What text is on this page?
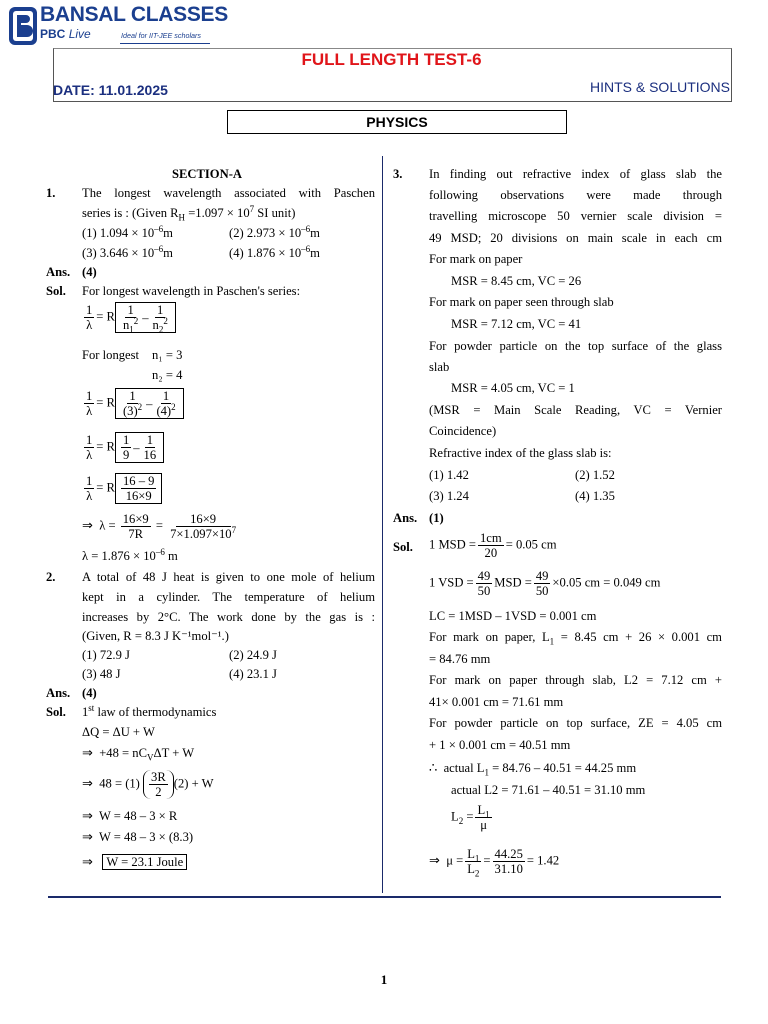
BANSAL CLASSES
PBC Live	Ideal for IIT-JEE scholars
FULL LENGTH TEST-6
DATE: 11.01.2025	HINTS & SOLUTIONS
PHYSICS
SECTION-A
1. The longest wavelength associated with Paschen
series is : (Given $R_H =1.097 \times 10^7$ SI unit)
(1) $1.094 \times 10^{-6}m$	(2) $2.973 \times 10^{-6}m$
(3) $3.646 \times 10^{-6}m$	(4) $1.876 \times 10^{-6}m$
Ans. (4)
Sol. For longest wavelength in Paschen's series:
$\frac{1}{\lambda} = R \frac{1}{n_1^2} - \frac{1}{n_2^2}$
For longest n₁ = 3
n₂ = 4
$\frac{1}{\lambda} = R \frac{1}{(3)^2} - \frac{1}{(4)^2}$
$\frac{1}{\lambda} = R \frac{1}{9} - \frac{1}{16}$
$\frac{1}{\lambda} = R \frac{16 - 9}{16\times 9}$
⇒  $\lambda = \frac{16\times 9}{7R} = \frac{16\times 9}{7\times 1.097\times 10^7}$
$\lambda = 1.876 \times 10^{-6}$ m
2. A total of 48 J heat is given to one mole of helium
kept in a cylinder. The temperature of helium
increases by 2°C. The work done by the gas is :
(Given, R = 8.3 J K⁻¹mol⁻¹.)
(1) 72.9 J	(2) 24.9 J
(3) 48 J	(4) 23.1 J
Ans. (4)
Sol. 1st law of thermodynamics
ΔQ = ΔU + W
⇒ $+48 = nC_V\Delta T + W$
⇒ $48 = (1) \frac{3R}{2} (2) + W$
⇒ W = 48 – 3 × R
⇒ W = 48 – 3 × (8.3)
⇒ W = 23.1 Joule
3. In finding out refractive index of glass slab the
following observations were made through
travelling microscope 50 vernier scale division =
49 MSD; 20 divisions on main scale in each cm
For mark on paper
MSR = 8.45 cm, VC = 26
For mark on paper seen through slab
MSR = 7.12 cm, VC = 41
For powder particle on the top surface of the glass
slab
MSR = 4.05 cm, VC = 1
(MSR = Main Scale Reading, VC = Vernier
Coincidence)
Refractive index of the glass slab is:
(1) 1.42	(2) 1.52
(3) 1.24	(4) 1.35
Ans. (1)
Sol. 1 MSD = $\frac{1cm}{20} = 0.05$ cm
1 VSD = $\frac{49}{50}$ MSD = $\frac{49}{50} \times 0.05$ cm = 0.049 cm
LC = 1MSD – 1VSD = 0.001 cm
For mark on paper, $L_1 = 8.45$ cm + 26 × 0.001 cm
= 84.76 mm
For mark on paper through slab, L2 = 7.12 cm +
41× 0.001 cm = 71.61 mm
For powder particle on top surface, ZE = 4.05 cm
+ 1 × 0.001 cm = 40.51 mm
∴ actual $L_1 = 84.76 - 40.51 = 44.25$ mm
actual L2 = 71.61 – 40.51 = 31.10 mm
$L_2 = \frac{L_1}{\mu}$
⇒  $\mu = \frac{L_1}{L_2} = \frac{44.25}{31.10} = 1.42$
1
